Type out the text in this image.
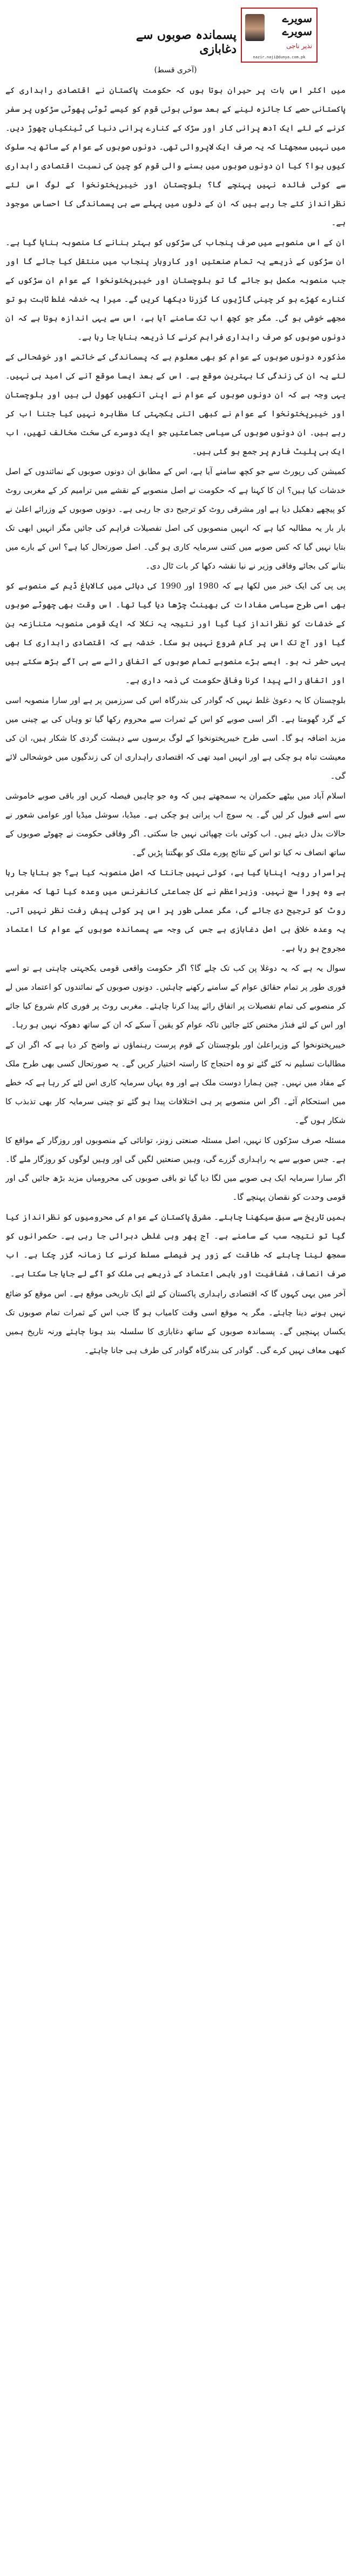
پسماندہ صوبوں سے دغابازی
سویرے
سویرے
نذیر ناجی
nazir.naji@dunya.com.pk
(آخری قسط)

میں اکثر اس بات پر حیران ہوتا ہوں کہ حکومت پاکستان نے اقتصادی راہداری کے پاکستانی حصے کا جائزہ لینے کے بعد سوئی ہوئی قوم کو کیسے ٹوٹی پھوٹی سڑکوں پر سفر کرنے کے لئے ایک آدھ پرانی کار اور سڑک کے کنارے پرانی دنیا کی ٹینکیاں چھوڑ دیں۔ میں نہیں سمجھتا کہ یہ صرف ایک لاپروائی تھی۔ دونوں صوبوں کے عوام کے ساتھ یہ سلوک کیوں ہوا؟ کیا ان دونوں صوبوں میں بسنے والی قوم کو چین کی نسبت اقتصادی راہداری سے کوئی فائدہ نہیں پہنچے گا؟ بلوچستان اور خیبرپختونخوا کے لوگ اس لئے نظرانداز کئے جا رہے ہیں کہ ان کے دلوں میں پہلے سے ہی پسماندگی کا احساس موجود ہے۔

ان کے اس منصوبے میں صرف پنجاب کی سڑکوں کو بہتر بنانے کا منصوبہ بنایا گیا ہے۔ ان سڑکوں کے ذریعے یہ تمام صنعتیں اور کاروبار پنجاب میں منتقل کیا جائے گا اور جب منصوبہ مکمل ہو جائے گا تو بلوچستان اور خیبرپختونخوا کے عوام ان سڑکوں کے کنارے کھڑے ہو کر چینی گاڑیوں کا گزرنا دیکھا کریں گے۔ میرا یہ خدشہ غلط ثابت ہو تو مجھے خوشی ہو گی۔ مگر جو کچھ اب تک سامنے آیا ہے، اس سے یہی اندازہ ہوتا ہے کہ ان دونوں صوبوں کو صرف راہداری فراہم کرنے کا ذریعہ بنایا جا رہا ہے۔

مذکورہ دونوں صوبوں کے عوام کو بھی معلوم ہے کہ پسماندگی کے خاتمے اور خوشحالی کے لئے یہ ان کی زندگی کا بہترین موقع ہے۔ اس کے بعد ایسا موقع آنے کی امید ہی نہیں۔ یہی وجہ ہے کہ ان دونوں صوبوں کے عوام نے اپنی آنکھیں کھول لی ہیں اور بلوچستان اور خیبرپختونخوا کے عوام نے کبھی اتنی یکجہتی کا مظاہرہ نہیں کیا جتنا اب کر رہے ہیں۔ ان دونوں صوبوں کی سیاسی جماعتیں جو ایک دوسرے کی سخت مخالف تھیں، اب ایک ہی پلیٹ فارم پر جمع ہو گئی ہیں۔

کمیشن کی رپورٹ سے جو کچھ سامنے آیا ہے، اس کے مطابق ان دونوں صوبوں کے نمائندوں کے اصل خدشات کیا ہیں؟ ان کا کہنا ہے کہ حکومت نے اصل منصوبے کے نقشے میں ترامیم کر کے مغربی روٹ کو پیچھے دھکیل دیا ہے اور مشرقی روٹ کو ترجیح دی جا رہی ہے۔ دونوں صوبوں کے وزرائے اعلیٰ نے بار بار یہ مطالبہ کیا ہے کہ انہیں منصوبوں کی اصل تفصیلات فراہم کی جائیں مگر انہیں ابھی تک بتایا نہیں گیا کہ کس صوبے میں کتنی سرمایہ کاری ہو گی۔ اصل صورتحال کیا ہے؟ اس کے بارے میں بتانے کی بجائے وفاقی وزیر نے نیا نقشہ دکھا کر بات ٹال دی۔

پی پی کی ایک خبر میں لکھا ہے کہ 1980 اور 1990 کی دہائی میں کالاباغ ڈیم کے منصوبے کو بھی اسی طرح سیاسی مفادات کی بھینٹ چڑھا دیا گیا تھا۔ اس وقت بھی چھوٹے صوبوں کے خدشات کو نظرانداز کیا گیا اور نتیجہ یہ نکلا کہ ایک قومی منصوبہ متنازعہ بن گیا اور آج تک اس پر کام شروع نہیں ہو سکا۔ خدشہ ہے کہ اقتصادی راہداری کا بھی یہی حشر نہ ہو۔ ایسے بڑے منصوبے تمام صوبوں کے اتفاق رائے سے ہی آگے بڑھ سکتے ہیں اور اتفاق رائے پیدا کرنا وفاقی حکومت کی ذمہ داری ہے۔

بلوچستان کا یہ دعویٰ غلط نہیں کہ گوادر کی بندرگاہ اس کی سرزمین پر ہے اور سارا منصوبہ اسی کے گرد گھومتا ہے۔ اگر اسی صوبے کو اس کے ثمرات سے محروم رکھا گیا تو وہاں کی بے چینی میں مزید اضافہ ہو گا۔ اسی طرح خیبرپختونخوا کے لوگ برسوں سے دہشت گردی کا شکار ہیں، ان کی معیشت تباہ ہو چکی ہے اور انہیں امید تھی کہ اقتصادی راہداری ان کی زندگیوں میں خوشحالی لائے گی۔

اسلام آباد میں بیٹھے حکمران یہ سمجھتے ہیں کہ وہ جو چاہیں فیصلہ کریں اور باقی صوبے خاموشی سے اسے قبول کر لیں گے۔ یہ سوچ اب پرانی ہو چکی ہے۔ میڈیا، سوشل میڈیا اور عوامی شعور نے حالات بدل دیئے ہیں۔ اب کوئی بات چھپائی نہیں جا سکتی۔ اگر وفاقی حکومت نے چھوٹے صوبوں کے ساتھ انصاف نہ کیا تو اس کے نتائج پورے ملک کو بھگتنا پڑیں گے۔

پراسرار رویہ اپنایا گیا ہے، کوئی نہیں جانتا کہ اصل منصوبہ کیا ہے؟ جو بتایا جا رہا ہے وہ پورا سچ نہیں۔ وزیراعظم نے کل جماعتی کانفرنس میں وعدہ کیا تھا کہ مغربی روٹ کو ترجیح دی جائے گی، مگر عملی طور پر اس پر کوئی پیش رفت نظر نہیں آتی۔ یہ وعدہ خلافی ہی اصل دغابازی ہے جس کی وجہ سے پسماندہ صوبوں کے عوام کا اعتماد مجروح ہو رہا ہے۔

سوال یہ ہے کہ یہ دوغلا پن کب تک چلے گا؟ اگر حکومت واقعی قومی یکجہتی چاہتی ہے تو اسے فوری طور پر تمام حقائق عوام کے سامنے رکھنے چاہئیں۔ دونوں صوبوں کے نمائندوں کو اعتماد میں لے کر منصوبے کی تمام تفصیلات پر اتفاق رائے پیدا کرنا چاہئے۔ مغربی روٹ پر فوری کام شروع کیا جائے اور اس کے لئے فنڈز مختص کئے جائیں تاکہ عوام کو یقین آ سکے کہ ان کے ساتھ دھوکہ نہیں ہو رہا۔

خیبرپختونخوا کے وزیراعلیٰ اور بلوچستان کے قوم پرست رہنماؤں نے واضح کر دیا ہے کہ اگر ان کے مطالبات تسلیم نہ کئے گئے تو وہ احتجاج کا راستہ اختیار کریں گے۔ یہ صورتحال کسی بھی طرح ملک کے مفاد میں نہیں۔ چین ہمارا دوست ملک ہے اور وہ یہاں سرمایہ کاری اس لئے کر رہا ہے کہ خطے میں استحکام آئے۔ اگر اس منصوبے پر ہی اختلافات پیدا ہو گئے تو چینی سرمایہ کار بھی تذبذب کا شکار ہوں گے۔

مسئلہ صرف سڑکوں کا نہیں، اصل مسئلہ صنعتی زونز، توانائی کے منصوبوں اور روزگار کے مواقع کا ہے۔ جس صوبے سے یہ راہداری گزرے گی، وہیں صنعتیں لگیں گی اور وہیں لوگوں کو روزگار ملے گا۔ اگر سارا سرمایہ ایک ہی صوبے میں لگا دیا گیا تو باقی صوبوں کی محرومیاں مزید بڑھ جائیں گی اور قومی وحدت کو نقصان پہنچے گا۔

ہمیں تاریخ سے سبق سیکھنا چاہئے۔ مشرقی پاکستان کے عوام کی محرومیوں کو نظرانداز کیا گیا تو نتیجہ سب کے سامنے ہے۔ آج پھر وہی غلطی دہرائی جا رہی ہے۔ حکمرانوں کو سمجھ لینا چاہئے کہ طاقت کے زور پر فیصلے مسلط کرنے کا زمانہ گزر چکا ہے۔ اب صرف انصاف، شفافیت اور باہمی اعتماد کے ذریعے ہی ملک کو آگے لے جایا جا سکتا ہے۔

آخر میں یہی کہوں گا کہ اقتصادی راہداری پاکستان کے لئے ایک تاریخی موقع ہے۔ اس موقع کو ضائع نہیں ہونے دینا چاہئے۔ مگر یہ موقع اسی وقت کامیاب ہو گا جب اس کے ثمرات تمام صوبوں تک یکساں پہنچیں گے۔ پسماندہ صوبوں کے ساتھ دغابازی کا سلسلہ بند ہونا چاہئے ورنہ تاریخ ہمیں کبھی معاف نہیں کرے گی۔ گوادر کی بندرگاہ گوادر کی طرف ہی جانا چاہئے۔
